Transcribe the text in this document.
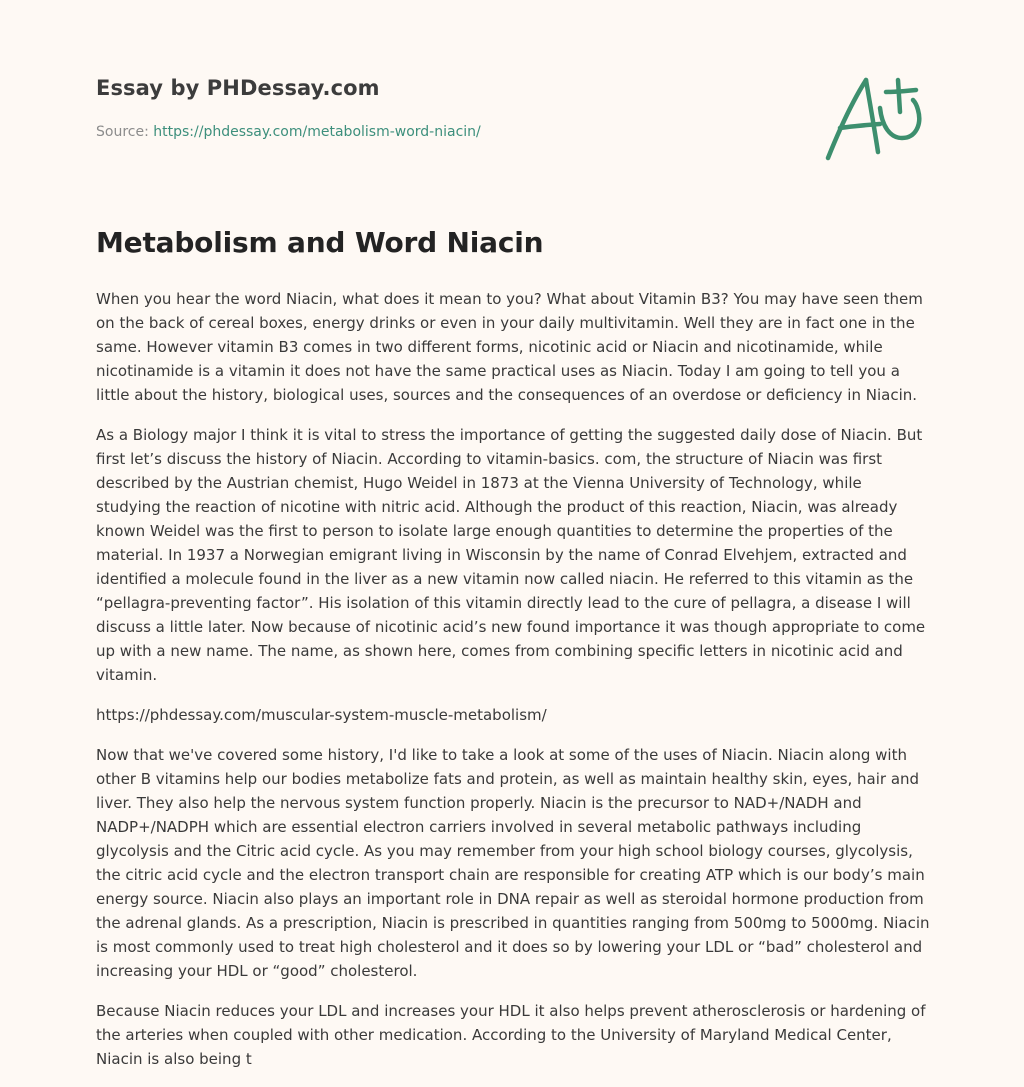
Essay by PHDessay.com
Source: https://phdessay.com/metabolism-word-niacin/
Metabolism and Word Niacin

When you hear the word Niacin, what does it mean to you? What about Vitamin B3? You may have seen them on the back of cereal boxes, energy drinks or even in your daily multivitamin. Well they are in fact one in the same. However vitamin B3 comes in two different forms, nicotinic acid or Niacin and nicotinamide, while nicotinamide is a vitamin it does not have the same practical uses as Niacin. Today I am going to tell you a little about the history, biological uses, sources and the consequences of an overdose or deficiency in Niacin.

As a Biology major I think it is vital to stress the importance of getting the suggested daily dose of Niacin. But first let’s discuss the history of Niacin. According to vitamin-basics. com, the structure of Niacin was first described by the Austrian chemist, Hugo Weidel in 1873 at the Vienna University of Technology, while studying the reaction of nicotine with nitric acid. Although the product of this reaction, Niacin, was already known Weidel was the first to person to isolate large enough quantities to determine the properties of the material. In 1937 a Norwegian emigrant living in Wisconsin by the name of Conrad Elvehjem, extracted and identified a molecule found in the liver as a new vitamin now called niacin. He referred to this vitamin as the “pellagra-preventing factor”. His isolation of this vitamin directly lead to the cure of pellagra, a disease I will discuss a little later. Now because of nicotinic acid’s new found importance it was though appropriate to come up with a new name. The name, as shown here, comes from combining specific letters in nicotinic acid and vitamin.

https://phdessay.com/muscular-system-muscle-metabolism/

Now that we've covered some history, I'd like to take a look at some of the uses of Niacin. Niacin along with other B vitamins help our bodies metabolize fats and protein, as well as maintain healthy skin, eyes, hair and liver. They also help the nervous system function properly. Niacin is the precursor to NAD+/NADH and NADP+/NADPH which are essential electron carriers involved in several metabolic pathways including glycolysis and the Citric acid cycle. As you may remember from your high school biology courses, glycolysis, the citric acid cycle and the electron transport chain are responsible for creating ATP which is our body’s main energy source. Niacin also plays an important role in DNA repair as well as steroidal hormone production from the adrenal glands. As a prescription, Niacin is prescribed in quantities ranging from 500mg to 5000mg. Niacin is most commonly used to treat high cholesterol and it does so by lowering your LDL or “bad” cholesterol and increasing your HDL or “good” cholesterol.

Because Niacin reduces your LDL and increases your HDL it also helps prevent atherosclerosis or hardening of the arteries when coupled with other medication. According to the University of Maryland Medical Center, Niacin is also being t
